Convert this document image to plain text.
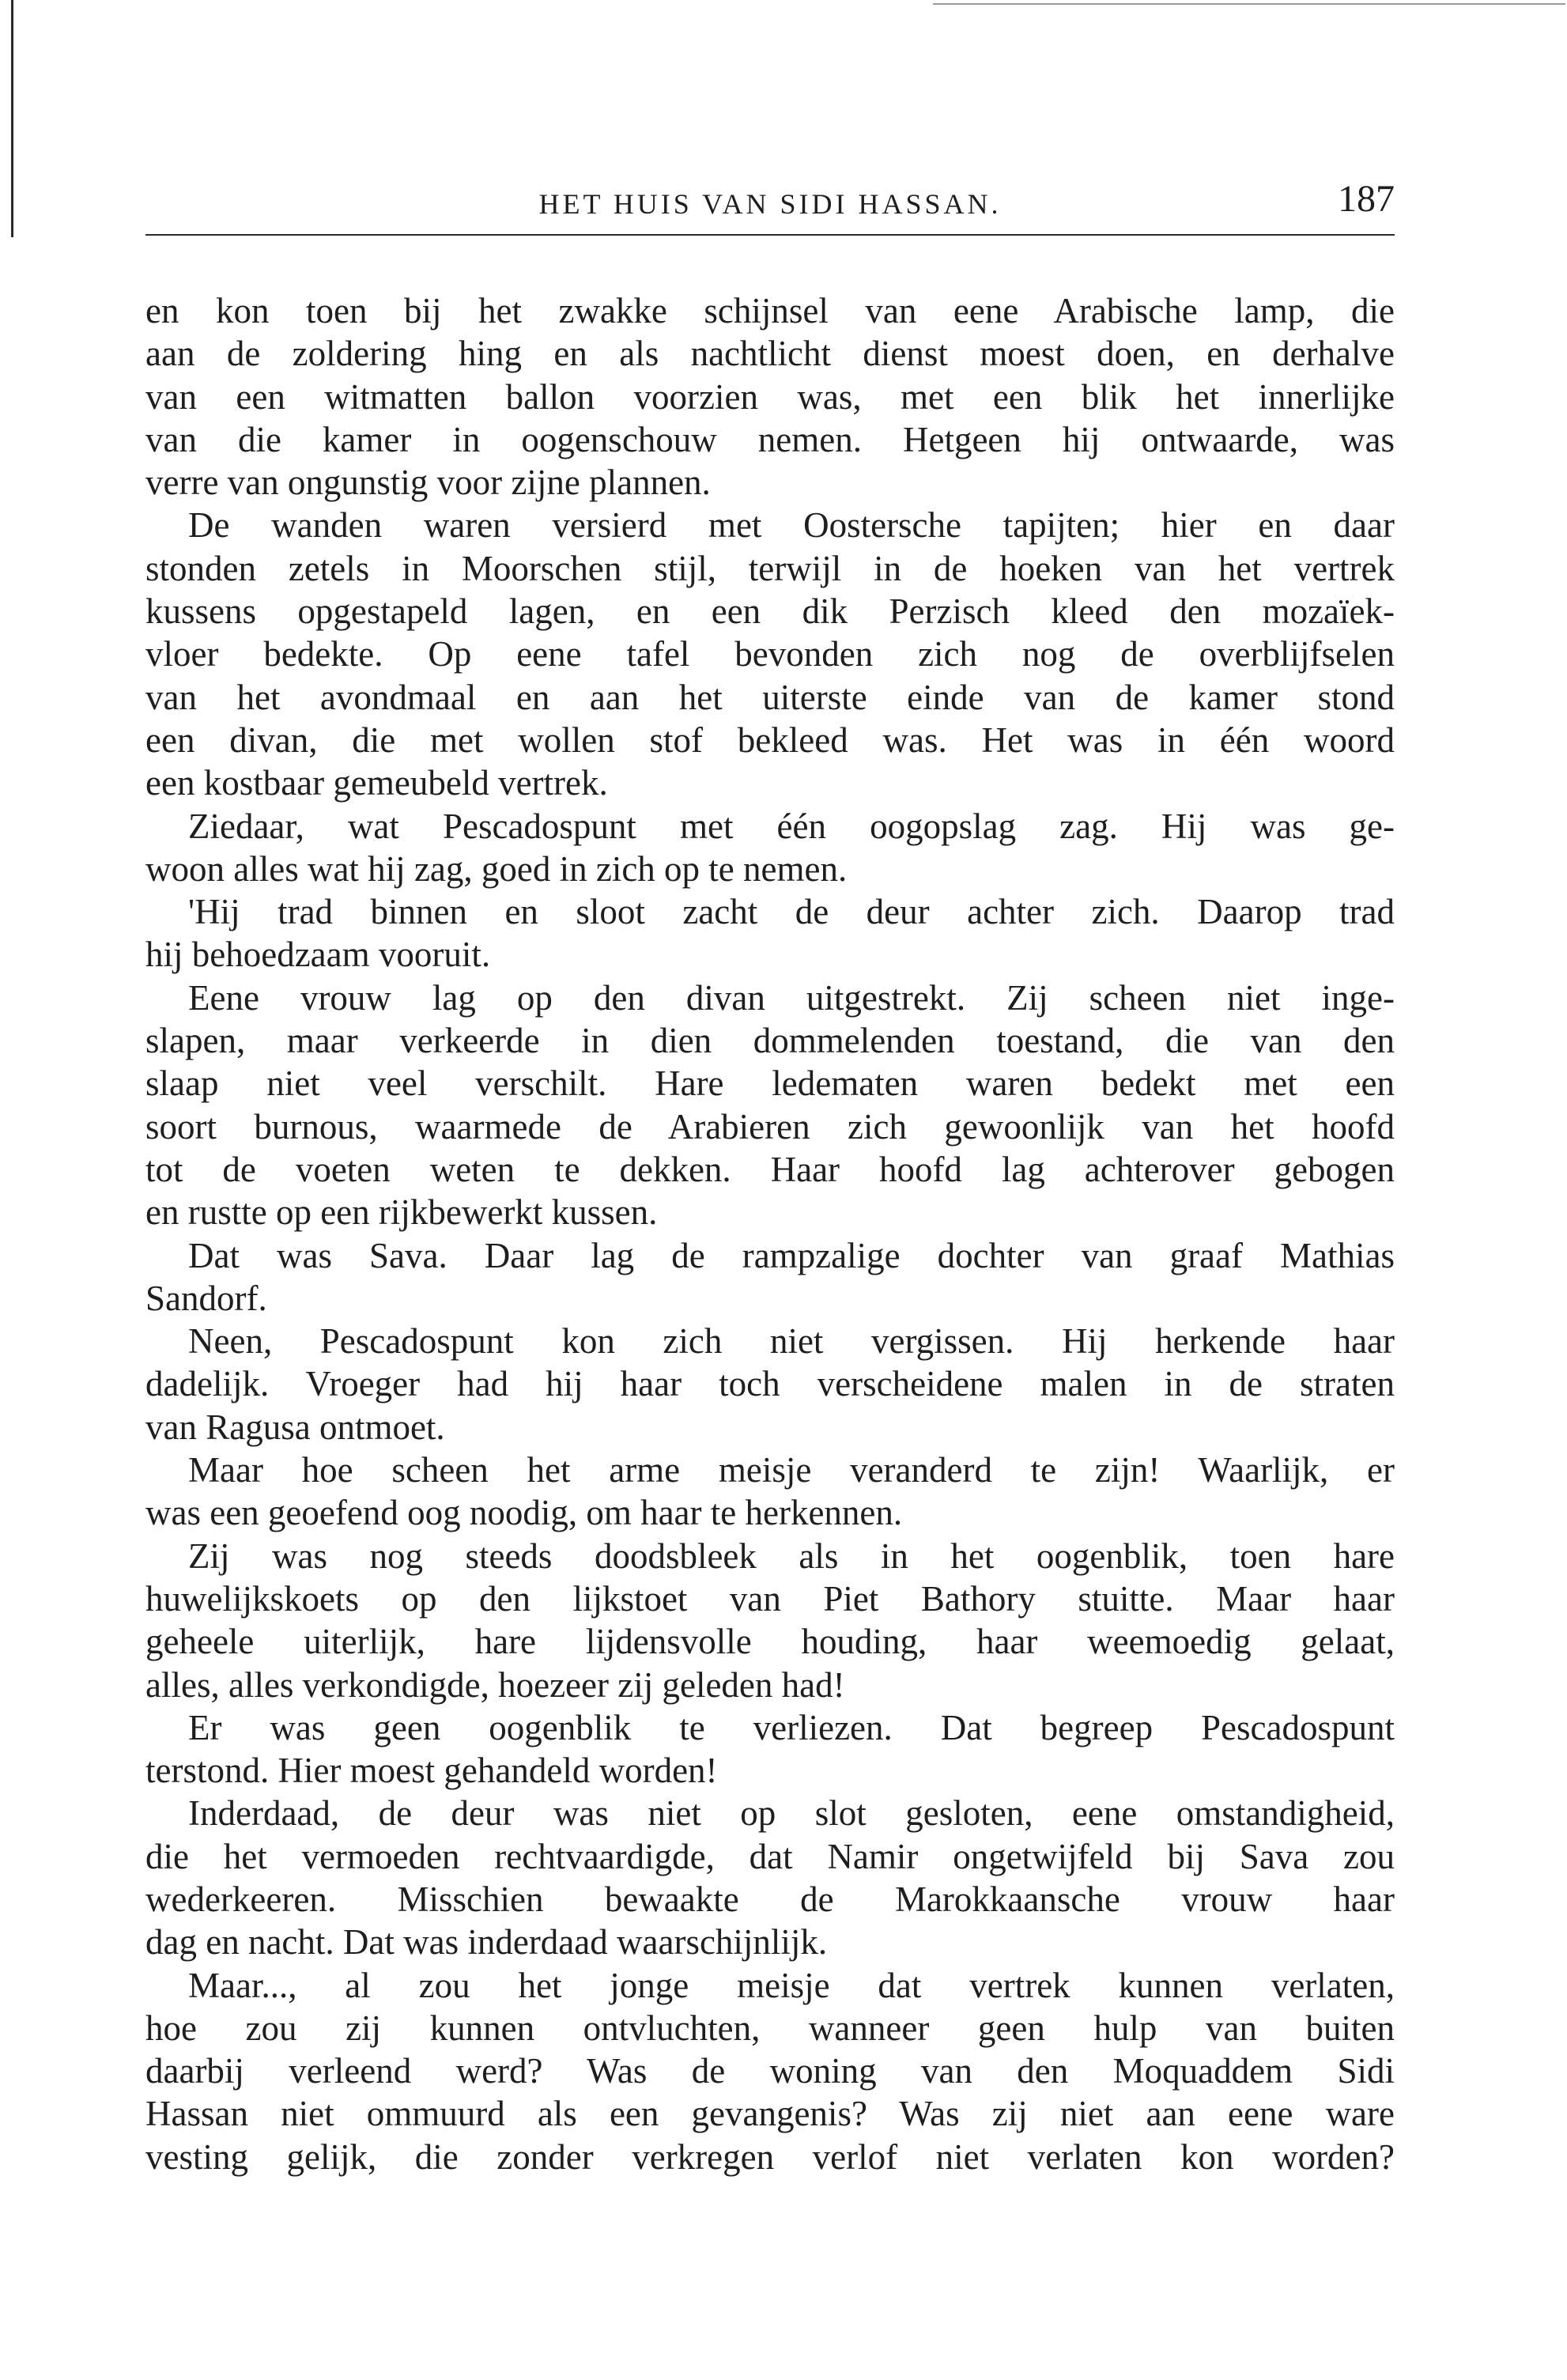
HET HUIS VAN SIDI HASSAN.	187
en kon toen bij het zwakke schijnsel van eene Arabische lamp, die
aan de zoldering hing en als nachtlicht dienst moest doen, en derhalve
van een witmatten ballon voorzien was, met een blik het innerlijke
van die kamer in oogenschouw nemen. Hetgeen hij ontwaarde, was
verre van ongunstig voor zijne plannen.
De wanden waren versierd met Oostersche tapijten; hier en daar
stonden zetels in Moorschen stijl, terwijl in de hoeken van het vertrek
kussens opgestapeld lagen, en een dik Perzisch kleed den mozaïek-
vloer bedekte. Op eene tafel bevonden zich nog de overblijfselen
van het avondmaal en aan het uiterste einde van de kamer stond
een divan, die met wollen stof bekleed was. Het was in één woord
een kostbaar gemeubeld vertrek.
Ziedaar, wat Pescadospunt met één oogopslag zag. Hij was ge-
woon alles wat hij zag, goed in zich op te nemen.
'Hij trad binnen en sloot zacht de deur achter zich. Daarop trad
hij behoedzaam vooruit.
Eene vrouw lag op den divan uitgestrekt. Zij scheen niet inge-
slapen, maar verkeerde in dien dommelenden toestand, die van den
slaap niet veel verschilt. Hare ledematen waren bedekt met een
soort burnous, waarmede de Arabieren zich gewoonlijk van het hoofd
tot de voeten weten te dekken. Haar hoofd lag achterover gebogen
en rustte op een rijkbewerkt kussen.
Dat was Sava. Daar lag de rampzalige dochter van graaf Mathias
Sandorf.
Neen, Pescadospunt kon zich niet vergissen. Hij herkende haar
dadelijk. Vroeger had hij haar toch verscheidene malen in de straten
van Ragusa ontmoet.
Maar hoe scheen het arme meisje veranderd te zijn! Waarlijk, er
was een geoefend oog noodig, om haar te herkennen.
Zij was nog steeds doodsbleek als in het oogenblik, toen hare
huwelijkskoets op den lijkstoet van Piet Bathory stuitte. Maar haar
geheele uiterlijk, hare lijdensvolle houding, haar weemoedig gelaat,
alles, alles verkondigde, hoezeer zij geleden had!
Er was geen oogenblik te verliezen. Dat begreep Pescadospunt
terstond. Hier moest gehandeld worden!
Inderdaad, de deur was niet op slot gesloten, eene omstandigheid,
die het vermoeden rechtvaardigde, dat Namir ongetwijfeld bij Sava zou
wederkeeren. Misschien bewaakte de Marokkaansche vrouw haar
dag en nacht. Dat was inderdaad waarschijnlijk.
Maar..., al zou het jonge meisje dat vertrek kunnen verlaten,
hoe zou zij kunnen ontvluchten, wanneer geen hulp van buiten
daarbij verleend werd? Was de woning van den Moquaddem Sidi
Hassan niet ommuurd als een gevangenis? Was zij niet aan eene ware
vesting gelijk, die zonder verkregen verlof niet verlaten kon worden?
